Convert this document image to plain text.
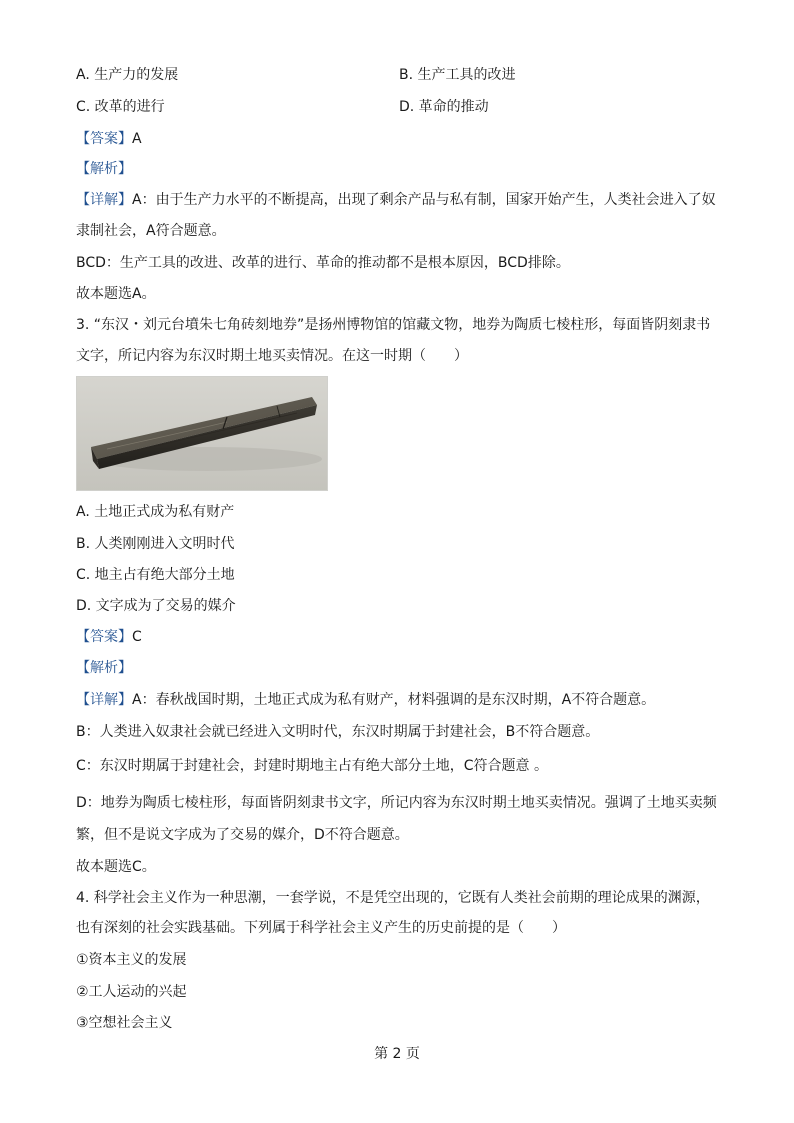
A. 生产力的发展	B. 生产工具的改进
C. 改革的进行	D. 革命的推动
【答案】A
【解析】
【详解】A：由于生产力水平的不断提高，出现了剩余产品与私有制，国家开始产生，人类社会进入了奴
隶制社会，A符合题意。
BCD：生产工具的改进、改革的进行、革命的推动都不是根本原因，BCD排除。
故本题选A。
3. “东汉・刘元台墳朱七角砖刻地券”是扬州博物馆的馆藏文物，地券为陶质七棱柱形，每面皆阴刻隶书
文字，所记内容为东汉时期土地买卖情况。在这一时期（　　）
A. 土地正式成为私有财产
B. 人类刚刚进入文明时代
C. 地主占有绝大部分土地
D. 文字成为了交易的媒介
【答案】C
【解析】
【详解】A：春秋战国时期，土地正式成为私有财产，材料强调的是东汉时期，A不符合题意。
B：人类进入奴隶社会就已经进入文明时代，东汉时期属于封建社会，B不符合题意。
C：东汉时期属于封建社会，封建时期地主占有绝大部分土地，C符合题意 。
D：地券为陶质七棱柱形，每面皆阴刻隶书文字，所记内容为东汉时期土地买卖情况。强调了土地买卖频
繁，但不是说文字成为了交易的媒介，D不符合题意。
故本题选C。
4. 科学社会主义作为一种思潮，一套学说，不是凭空出现的，它既有人类社会前期的理论成果的渊源，
也有深刻的社会实践基础。下列属于科学社会主义产生的历史前提的是（　　）
①资本主义的发展
②工人运动的兴起
③空想社会主义
第 2 页
